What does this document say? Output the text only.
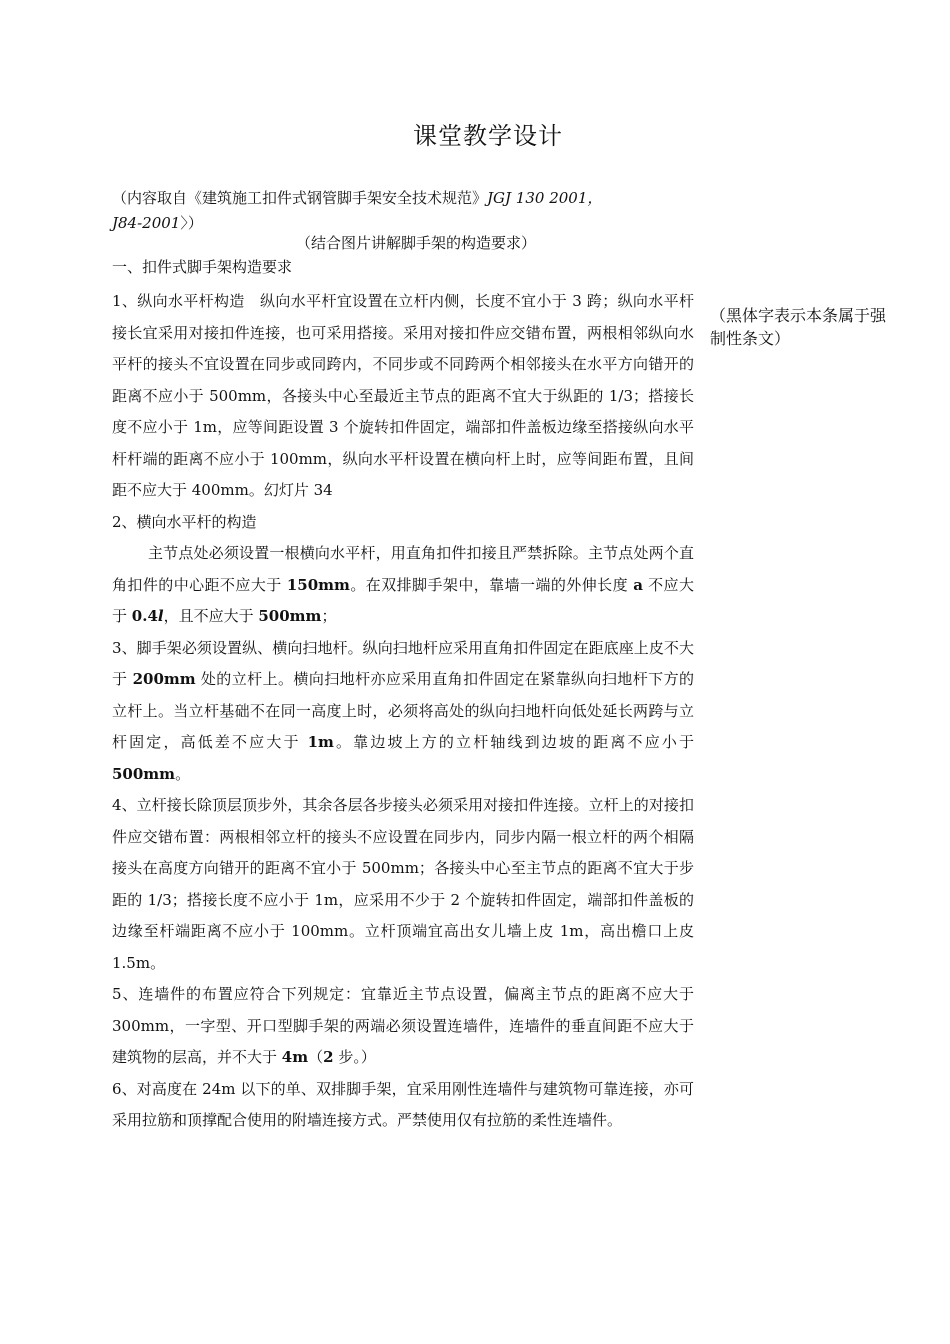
课堂教学设计
（内容取自《建筑施工扣件式钢管脚手架安全技术规范》JGJ 130 2001，
J84-2001〉）
（结合图片讲解脚手架的构造要求）
一、扣件式脚手架构造要求
（黑体字表示本条属于强制性条文）

1、纵向水平杆构造　纵向水平杆宜设置在立杆内侧，长度不宜小于 3 跨；纵向水平杆接长宜采用对接扣件连接，也可采用搭接。采用对接扣件应交错布置，两根相邻纵向水平杆的接头不宜设置在同步或同跨内，不同步或不同跨两个相邻接头在水平方向错开的距离不应小于 500mm，各接头中心至最近主节点的距离不宜大于纵距的 1/3；搭接长度不应小于 1m，应等间距设置 3 个旋转扣件固定，端部扣件盖板边缘至搭接纵向水平杆杆端的距离不应小于 100mm，纵向水平杆设置在横向杆上时，应等间距布置，且间距不应大于 400mm。幻灯片 34

2、横向水平杆的构造

主节点处必须设置一根横向水平杆，用直角扣件扣接且严禁拆除。主节点处两个直角扣件的中心距不应大于 150mm。在双排脚手架中，靠墙一端的外伸长度 a 不应大于 0.4l，且不应大于 500mm；

3、脚手架必须设置纵、横向扫地杆。纵向扫地杆应采用直角扣件固定在距底座上皮不大于 200mm 处的立杆上。横向扫地杆亦应采用直角扣件固定在紧靠纵向扫地杆下方的立杆上。当立杆基础不在同一高度上时，必须将高处的纵向扫地杆向低处延长两跨与立杆固定，高低差不应大于 1m。靠边坡上方的立杆轴线到边坡的距离不应小于 500mm。

4、立杆接长除顶层顶步外，其余各层各步接头必须采用对接扣件连接。立杆上的对接扣件应交错布置：两根相邻立杆的接头不应设置在同步内，同步内隔一根立杆的两个相隔接头在高度方向错开的距离不宜小于 500mm；各接头中心至主节点的距离不宜大于步距的 1/3；搭接长度不应小于 1m，应采用不少于 2 个旋转扣件固定，端部扣件盖板的边缘至杆端距离不应小于 100mm。立杆顶端宜高出女儿墙上皮 1m，高出檐口上皮 1.5m。

5、连墙件的布置应符合下列规定：宜靠近主节点设置，偏离主节点的距离不应大于 300mm，一字型、开口型脚手架的两端必须设置连墙件，连墙件的垂直间距不应大于建筑物的层高，并不大于 4m（2 步。）

6、对高度在 24m 以下的单、双排脚手架，宜采用刚性连墙件与建筑物可靠连接，亦可采用拉筋和顶撑配合使用的附墙连接方式。严禁使用仅有拉筋的柔性连墙件。
